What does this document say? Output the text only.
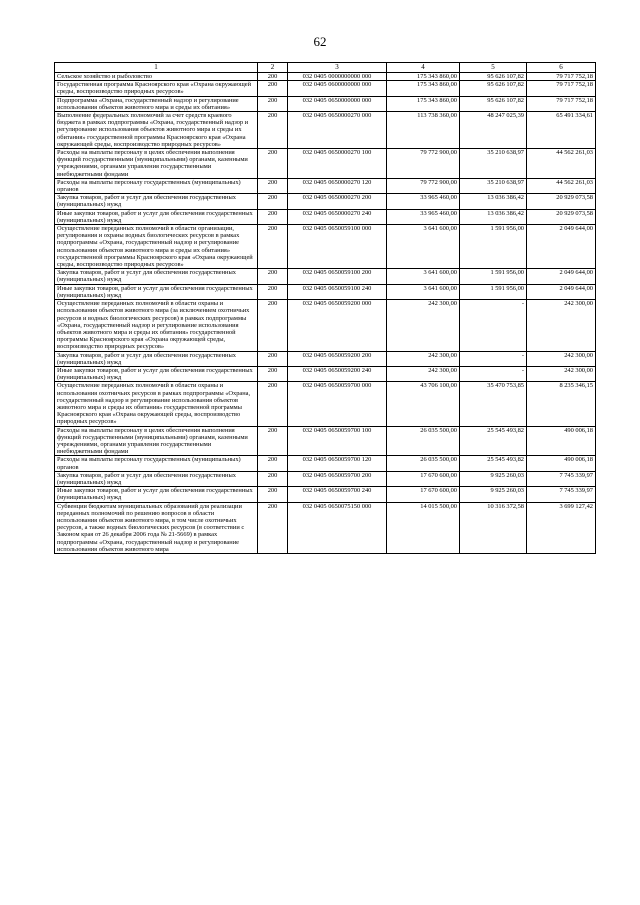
62
1	2	3	4	5	6
Сельское хозяйство и рыболовство	200	032 0405 0000000000 000	175 343 860,00	95 626 107,82	79 717 752,18
Государственная программа Красноярского края «Охрана окружающей среды, воспроизводство природных ресурсов»	200	032 0405 0600000000 000	175 343 860,00	95 626 107,82	79 717 752,18
Подпрограмма «Охрана, государственный надзор и регулирование использования объектов животного мира и среды их обитания»	200	032 0405 0650000000 000	175 343 860,00	95 626 107,82	79 717 752,18
Выполнение федеральных полномочий за счет средств краевого бюджета в рамках подпрограммы «Охрана, государственный надзор и регулирование использования объектов животного мира и среды их обитания» государственной программы Красноярского края «Охрана окружающей среды, воспроизводство природных ресурсов»	200	032 0405 0650000270 000	113 738 360,00	48 247 025,39	65 491 334,61
Расходы на выплаты персоналу в целях обеспечения выполнения функций государственными (муниципальными) органами, казенными учреждениями, органами управления государственными внебюджетными фондами	200	032 0405 0650000270 100	79 772 900,00	35 210 638,97	44 562 261,03
Расходы на выплаты персоналу государственных (муниципальных) органов	200	032 0405 0650000270 120	79 772 900,00	35 210 638,97	44 562 261,03
Закупка товаров, работ и услуг для обеспечения государственных (муниципальных) нужд	200	032 0405 0650000270 200	33 965 460,00	13 036 386,42	20 929 073,58
Иные закупки товаров, работ и услуг для обеспечения государственных (муниципальных) нужд	200	032 0405 0650000270 240	33 965 460,00	13 036 386,42	20 929 073,58
Осуществление переданных полномочий в области организации, регулирования и охраны водных биологических ресурсов в рамках подпрограммы «Охрана, государственный надзор и регулирование использования объектов животного мира и среды их обитания» государственной программы Красноярского края «Охрана окружающей среды, воспроизводство природных ресурсов»	200	032 0405 0650059100 000	3 641 600,00	1 591 956,00	2 049 644,00
Закупка товаров, работ и услуг для обеспечения государственных (муниципальных) нужд	200	032 0405 0650059100 200	3 641 600,00	1 591 956,00	2 049 644,00
Иные закупки товаров, работ и услуг для обеспечения государственных (муниципальных) нужд	200	032 0405 0650059100 240	3 641 600,00	1 591 956,00	2 049 644,00
Осуществление переданных полномочий в области охраны и использования объектов животного мира (за исключением охотничьих ресурсов и водных биологических ресурсов) в рамках подпрограммы «Охрана, государственный надзор и регулирование использования объектов животного мира и среды их обитания» государственной программы Красноярского края «Охрана окружающей среды, воспроизводство природных ресурсов»	200	032 0405 0650059200 000	242 300,00	-	242 300,00
Закупка товаров, работ и услуг для обеспечения государственных (муниципальных) нужд	200	032 0405 0650059200 200	242 300,00	-	242 300,00
Иные закупки товаров, работ и услуг для обеспечения государственных (муниципальных) нужд	200	032 0405 0650059200 240	242 300,00	-	242 300,00
Осуществление переданных полномочий в области охраны и использования охотничьих ресурсов в рамках подпрограммы «Охрана, государственный надзор и регулирование использования объектов животного мира и среды их обитания» государственной программы Красноярского края «Охрана окружающей среды, воспроизводство природных ресурсов»	200	032 0405 0650059700 000	43 706 100,00	35 470 753,85	8 235 346,15
Расходы на выплаты персоналу в целях обеспечения выполнения функций государственными (муниципальными) органами, казенными учреждениями, органами управления государственными внебюджетными фондами	200	032 0405 0650059700 100	26 035 500,00	25 545 493,82	490 006,18
Расходы на выплаты персоналу государственных (муниципальных) органов	200	032 0405 0650059700 120	26 035 500,00	25 545 493,82	490 006,18
Закупка товаров, работ и услуг для обеспечения государственных (муниципальных) нужд	200	032 0405 0650059700 200	17 670 600,00	9 925 260,03	7 745 339,97
Иные закупки товаров, работ и услуг для обеспечения государственных (муниципальных) нужд	200	032 0405 0650059700 240	17 670 600,00	9 925 260,03	7 745 339,97
Субвенции бюджетам муниципальных образований для реализации переданных полномочий по решению вопросов в области использования объектов животного мира, в том числе охотничьих ресурсов, а также водных биологических ресурсов (в соответствии с Законом края от 26 декабря 2006 года № 21-5669) в рамках подпрограммы «Охрана, государственный надзор и регулирование использования объектов животного мира	200	032 0405 0650075150 000	14 015 500,00	10 316 372,58	3 699 127,42
